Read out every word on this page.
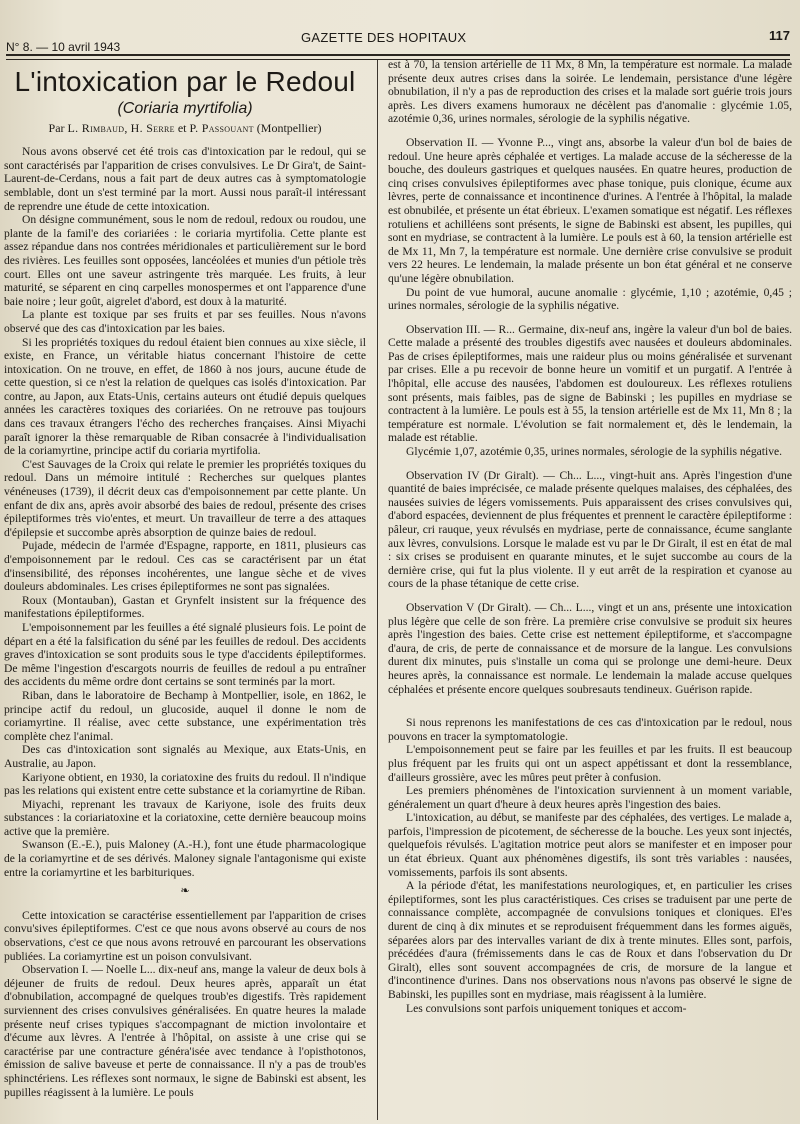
N° 8. — 10 avril 1943
GAZETTE DES HOPITAUX	117
L'intoxication par le Redoul
(Coriaria myrtifolia)
Par L. Rimbaud, H. Serre et P. Passouant (Montpellier)

Nous avons observé cet été trois cas d'intoxication par le redoul, qui se sont caractérisés par l'apparition de crises convulsives. Le Dr Gira't, de Saint-Laurent-de-Cerdans, nous a fait part de deux autres cas à symptomatologie semblable, dont un s'est terminé par la mort. Aussi nous paraît-il intéressant de reprendre une étude de cette intoxication.

On désigne communément, sous le nom de redoul, redoux ou roudou, une plante de la famil'e des coriariées : le coriaria myrtifolia. Cette plante est assez répandue dans nos contrées méridionales et particulièrement sur le bord des rivières. Les feuilles sont opposées, lancéolées et munies d'un pétiole très court. Elles ont une saveur astringente très marquée. Les fruits, à leur maturité, se séparent en cinq carpelles monospermes et ont l'apparence d'une baie noire ; leur goût, aigrelet d'abord, est doux à la maturité.

La plante est toxique par ses fruits et par ses feuilles. Nous n'avons observé que des cas d'intoxication par les baies.

Si les propriétés toxiques du redoul étaient bien connues au xixe siècle, il existe, en France, un véritable hiatus concernant l'histoire de cette intoxication. On ne trouve, en effet, de 1860 à nos jours, aucune étude de cette question, si ce n'est la relation de quelques cas isolés d'intoxication. Par contre, au Japon, aux Etats-Unis, certains auteurs ont étudié depuis quelques années les caractères toxiques des coriariées. On ne retrouve pas toujours dans ces travaux étrangers l'écho des recherches françaises. Ainsi Miyachi paraît ignorer la thèse remarquable de Riban consacrée à l'individualisation de la coriamyrtine, principe actif du coriaria myrtifolia.

C'est Sauvages de la Croix qui relate le premier les propriétés toxiques du redoul. Dans un mémoire intitulé : Recherches sur quelques plantes vénéneuses (1739), il décrit deux cas d'empoisonnement par cette plante. Un enfant de dix ans, après avoir absorbé des baies de redoul, présente des crises épileptiformes très vio'entes, et meurt. Un travailleur de terre a des attaques d'épilepsie et succombe après absorption de quinze baies de redoul.

Pujade, médecin de l'armée d'Espagne, rapporte, en 1811, plusieurs cas d'empoisonnement par le redoul. Ces cas se caractérisent par un état d'insensibilité, des réponses incohérentes, une langue sèche et de vives douleurs abdominales. Les crises épileptiformes ne sont pas signalées.

Roux (Montauban), Gastan et Grynfelt insistent sur la fréquence des manifestations épileptiformes.

L'empoisonnement par les feuilles a été signalé plusieurs fois. Le point de départ en a été la falsification du séné par les feuilles de redoul. Des accidents graves d'intoxication se sont produits sous le type d'accidents épileptiformes. De même l'ingestion d'escargots nourris de feuilles de redoul a pu entraîner des accidents du même ordre dont certains se sont terminés par la mort.

Riban, dans le laboratoire de Bechamp à Montpellier, isole, en 1862, le principe actif du redoul, un glucoside, auquel il donne le nom de coriamyrtine. Il réalise, avec cette substance, une expérimentation très complète chez l'animal.

Des cas d'intoxication sont signalés au Mexique, aux Etats-Unis, en Australie, au Japon.

Kariyone obtient, en 1930, la coriatoxine des fruits du redoul. Il n'indique pas les relations qui existent entre cette substance et la coriamyrtine de Riban.

Miyachi, reprenant les travaux de Kariyone, isole des fruits deux substances : la coriariatoxine et la coriatoxine, cette dernière beaucoup moins active que la première.

Swanson (E.-E.), puis Maloney (A.-H.), font une étude pharmacologique de la coriamyrtine et de ses dérivés. Maloney signale l'antagonisme qui existe entre la coriamyrtine et les barbituriques.

❧

Cette intoxication se caractérise essentiellement par l'apparition de crises convu'sives épileptiformes. C'est ce que nous avons observé au cours de nos observations, c'est ce que nous avons retrouvé en parcourant les observations publiées. La coriamyrtine est un poison convulsivant.

Observation I. — Noelle L... dix-neuf ans, mange la valeur de deux bols à déjeuner de fruits de redoul. Deux heures après, apparaît un état d'obnubilation, accompagné de quelques troub'es digestifs. Très rapidement surviennent des crises convulsives généralisées. En quatre heures la malade présente neuf crises typiques s'accompagnant de miction involontaire et d'écume aux lèvres. A l'entrée à l'hôpital, on assiste à une crise qui se caractérise par une contracture généra'isée avec tendance à l'opisthotonos, émission de salive baveuse et perte de connaissance. Il n'y a pas de troub'es sphinctériens. Les réflexes sont normaux, le signe de Babinski est absent, les pupilles réagissent à la lumière. Le pouls

est à 70, la tension artérielle de 11 Mx, 8 Mn, la température est normale. La malade présente deux autres crises dans la soirée. Le lendemain, persistance d'une légère obnubilation, il n'y a pas de reproduction des crises et la malade sort guérie trois jours après. Les divers examens humoraux ne décèlent pas d'anomalie : glycémie 1.05, azotémie 0,36, urines normales, sérologie de la syphilis négative.

Observation II. — Yvonne P..., vingt ans, absorbe la valeur d'un bol de baies de redoul. Une heure après céphalée et vertiges. La malade accuse de la sécheresse de la bouche, des douleurs gastriques et quelques nausées. En quatre heures, production de cinq crises convulsives épileptiformes avec phase tonique, puis clonique, écume aux lèvres, perte de connaissance et incontinence d'urines. A l'entrée à l'hôpital, la malade est obnubilée, et présente un état ébrieux. L'examen somatique est négatif. Les réflexes rotuliens et achilléens sont présents, le signe de Babinski est absent, les pupilles, qui sont en mydriase, se contractent à la lumière. Le pouls est à 60, la tension artérielle est de Mx 11, Mn 7, la température est normale. Une dernière crise convulsive se produit vers 22 heures. Le lendemain, la malade présente un bon état général et ne conserve qu'une légère obnubilation.

Du point de vue humoral, aucune anomalie : glycémie, 1,10 ; azotémie, 0,45 ; urines normales, sérologie de la syphilis négative.

Observation III. — R... Germaine, dix-neuf ans, ingère la valeur d'un bol de baies. Cette malade a présenté des troubles digestifs avec nausées et douleurs abdominales. Pas de crises épileptiformes, mais une raideur plus ou moins généralisée et survenant par crises. Elle a pu recevoir de bonne heure un vomitif et un purgatif. A l'entrée à l'hôpital, elle accuse des nausées, l'abdomen est douloureux. Les réflexes rotuliens sont présents, mais faibles, pas de signe de Babinski ; les pupilles en mydriase se contractent à la lumière. Le pouls est à 55, la tension artérielle est de Mx 11, Mn 8 ; la température est normale. L'évolution se fait normalement et, dès le lendemain, la malade est rétablie.

Glycémie 1,07, azotémie 0,35, urines normales, sérologie de la syphilis négative.

Observation IV (Dr Giralt). — Ch... L..., vingt-huit ans. Après l'ingestion d'une quantité de baies imprécisée, ce malade présente quelques malaises, des céphalées, des nausées suivies de légers vomissements. Puis apparaissent des crises convulsives qui, d'abord espacées, deviennent de plus fréquentes et prennent le caractère épileptiforme : pâleur, cri rauque, yeux révulsés en mydriase, perte de connaissance, écume sanglante aux lèvres, convulsions. Lorsque le malade est vu par le Dr Giralt, il est en état de mal : six crises se produisent en quarante minutes, et le sujet succombe au cours de la dernière crise, qui fut la plus violente. Il y eut arrêt de la respiration et cyanose au cours de la phase tétanique de cette crise.

Observation V (Dr Giralt). — Ch... L..., vingt et un ans, présente une intoxication plus légère que celle de son frère. La première crise convulsive se produit six heures après l'ingestion des baies. Cette crise est nettement épileptiforme, et s'accompagne d'aura, de cris, de perte de connaissance et de morsure de la langue. Les convulsions durent dix minutes, puis s'installe un coma qui se prolonge une demi-heure. Deux heures après, la connaissance est normale. Le lendemain la malade accuse quelques céphalées et présente encore quelques soubresauts tendineux. Guérison rapide.

Si nous reprenons les manifestations de ces cas d'intoxication par le redoul, nous pouvons en tracer la symptomatologie.

L'empoisonnement peut se faire par les feuilles et par les fruits. Il est beaucoup plus fréquent par les fruits qui ont un aspect appétissant et dont la ressemblance, d'ailleurs grossière, avec les mûres peut prêter à confusion.

Les premiers phénomènes de l'intoxication surviennent à un moment variable, généralement un quart d'heure à deux heures après l'ingestion des baies.

L'intoxication, au début, se manifeste par des céphalées, des vertiges. Le malade a, parfois, l'impression de picotement, de sécheresse de la bouche. Les yeux sont injectés, quelquefois révulsés. L'agitation motrice peut alors se manifester et en imposer pour un état ébrieux. Quant aux phénomènes digestifs, ils sont très variables : nausées, vomissements, parfois ils sont absents.

A la période d'état, les manifestations neurologiques, et, en particulier les crises épileptiformes, sont les plus caractéristiques. Ces crises se traduisent par une perte de connaissance complète, accompagnée de convulsions toniques et cloniques. El'es durent de cinq à dix minutes et se reproduisent fréquemment dans les formes aiguës, séparées alors par des intervalles variant de dix à trente minutes. Elles sont, parfois, précédées d'aura (frémissements dans le cas de Roux et dans l'observation du Dr Giralt), elles sont souvent accompagnées de cris, de morsure de la langue et d'incontinence d'urines. Dans nos observations nous n'avons pas observé le signe de Babinski, les pupilles sont en mydriase, mais réagissent à la lumière.

Les convulsions sont parfois uniquement toniques et accom-
